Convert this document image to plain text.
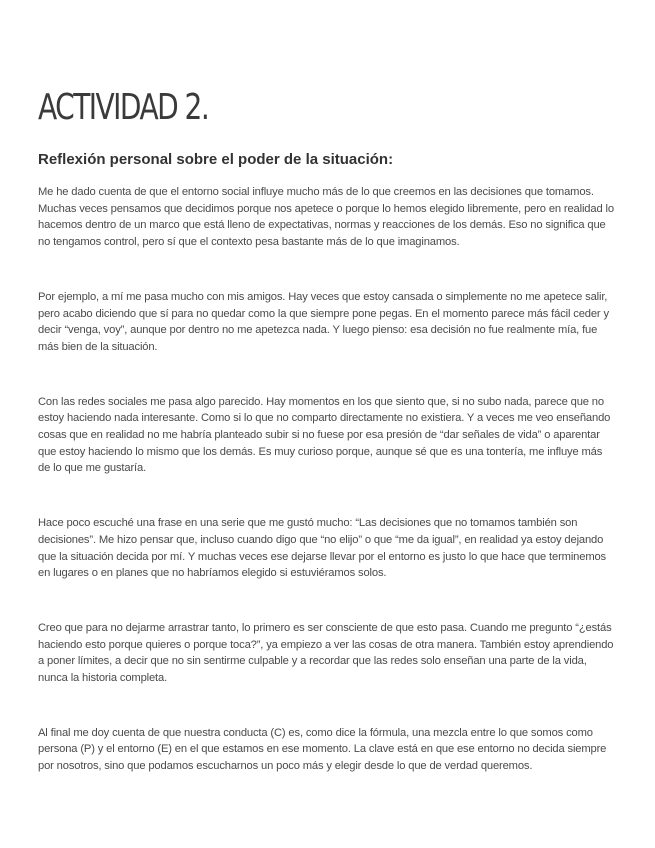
ACTIVIDAD 2.
Reflexión personal sobre el poder de la situación:

Me he dado cuenta de que el entorno social influye mucho más de lo que creemos en las decisiones que tomamos. Muchas veces pensamos que decidimos porque nos apetece o porque lo hemos elegido libremente, pero en realidad lo hacemos dentro de un marco que está lleno de expectativas, normas y reacciones de los demás. Eso no significa que no tengamos control, pero sí que el contexto pesa bastante más de lo que imaginamos.

Por ejemplo, a mí me pasa mucho con mis amigos. Hay veces que estoy cansada o simplemente no me apetece salir, pero acabo diciendo que sí para no quedar como la que siempre pone pegas. En el momento parece más fácil ceder y decir “venga, voy”, aunque por dentro no me apetezca nada. Y luego pienso: esa decisión no fue realmente mía, fue más bien de la situación.

Con las redes sociales me pasa algo parecido. Hay momentos en los que siento que, si no subo nada, parece que no estoy haciendo nada interesante. Como si lo que no comparto directamente no existiera. Y a veces me veo enseñando cosas que en realidad no me habría planteado subir si no fuese por esa presión de “dar señales de vida” o aparentar que estoy haciendo lo mismo que los demás. Es muy curioso porque, aunque sé que es una tontería, me influye más de lo que me gustaría.

Hace poco escuché una frase en una serie que me gustó mucho: “Las decisiones que no tomamos también son decisiones”. Me hizo pensar que, incluso cuando digo que “no elijo” o que “me da igual”, en realidad ya estoy dejando que la situación decida por mí. Y muchas veces ese dejarse llevar por el entorno es justo lo que hace que terminemos en lugares o en planes que no habríamos elegido si estuviéramos solos.

Creo que para no dejarme arrastrar tanto, lo primero es ser consciente de que esto pasa. Cuando me pregunto “¿estás haciendo esto porque quieres o porque toca?”, ya empiezo a ver las cosas de otra manera. También estoy aprendiendo a poner límites, a decir que no sin sentirme culpable y a recordar que las redes solo enseñan una parte de la vida, nunca la historia completa.

Al final me doy cuenta de que nuestra conducta (C) es, como dice la fórmula, una mezcla entre lo que somos como persona (P) y el entorno (E) en el que estamos en ese momento. La clave está en que ese entorno no decida siempre por nosotros, sino que podamos escucharnos un poco más y elegir desde lo que de verdad queremos.
